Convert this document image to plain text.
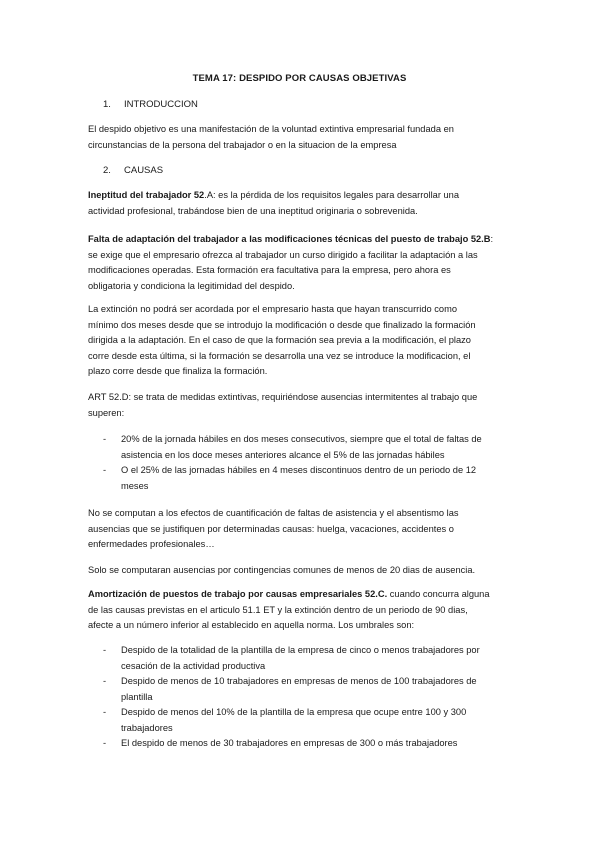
TEMA 17: DESPIDO POR CAUSAS OBJETIVAS
1. INTRODUCCION
El despido objetivo es una manifestación de la voluntad extintiva empresarial fundada en
circunstancias de la persona del trabajador o en la situacion de la empresa
2. CAUSAS
Ineptitud del trabajador 52.A: es la pérdida de los requisitos legales para desarrollar una
actividad profesional, trabándose bien de una ineptitud originaria o sobrevenida.
Falta de adaptación del trabajador a las modificaciones técnicas del puesto de trabajo 52.B:
se exige que el empresario ofrezca al trabajador un curso dirigido a facilitar la adaptación a las
modificaciones operadas. Esta formación era facultativa para la empresa, pero ahora es
obligatoria y condiciona la legitimidad del despido.
La extinción no podrá ser acordada por el empresario hasta que hayan transcurrido como
mínimo dos meses desde que se introdujo la modificación o desde que finalizado la formación
dirigida a la adaptación. En el caso de que la formación sea previa a la modificación, el plazo
corre desde esta última, si la formación se desarrolla una vez se introduce la modificacion, el
plazo corre desde que finaliza la formación.
ART 52.D: se trata de medidas extintivas, requiriéndose ausencias intermitentes al trabajo que
superen:
- 20% de la jornada hábiles en dos meses consecutivos, siempre que el total de faltas de
asistencia en los doce meses anteriores alcance el 5% de las jornadas hábiles
- O el 25% de las jornadas hábiles en 4 meses discontinuos dentro de un periodo de 12
meses
No se computan a los efectos de cuantificación de faltas de asistencia y el absentismo las
ausencias que se justifiquen por determinadas causas: huelga, vacaciones, accidentes o
enfermedades profesionales…
Solo se computaran ausencias por contingencias comunes de menos de 20 dias de ausencia.
Amortización de puestos de trabajo por causas empresariales 52.C. cuando concurra alguna
de las causas previstas en el articulo 51.1 ET y la extinción dentro de un periodo de 90 dias,
afecte a un número inferior al establecido en aquella norma. Los umbrales son:
- Despido de la totalidad de la plantilla de la empresa de cinco o menos trabajadores por
cesación de la actividad productiva
- Despido de menos de 10 trabajadores en empresas de menos de 100 trabajadores de
plantilla
- Despido de menos del 10% de la plantilla de la empresa que ocupe entre 100 y 300
trabajadores
- El despido de menos de 30 trabajadores en empresas de 300 o más trabajadores
